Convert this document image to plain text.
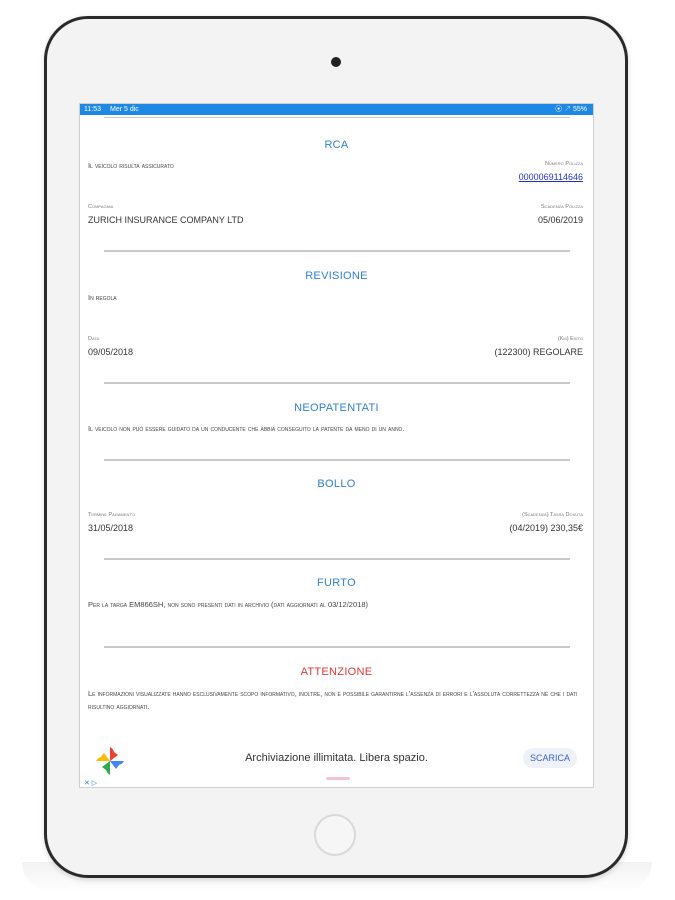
11:53 Mer 5 dic	⦿ ↗ 55%
RCA
Il veicolo risulta assicurato	Numero Polizza
0000069114646
Compagnia
ZURICH INSURANCE COMPANY LTD
Scadenza Polizza
05/06/2019
REVISIONE
In regola
Data
09/05/2018
(Km) Esito
(122300) REGOLARE
NEOPATENTATI
Il veicolo non può essere guidato da un conducente che abbia conseguito la patente da meno di un anno.
BOLLO
Termine Pagamento
31/05/2018
(Scadenza) Tassa Dovuta
(04/2019) 230,35€
FURTO
Per la targa EM866SH, non sono presenti dati in archivio (dati aggiornati al 03/12/2018)
ATTENZIONE
Le informazioni visualizzate hanno esclusivamente scopo informativo, inoltre, non è possibile garantirne l'assenza di errori e l'assoluta correttezza né che i dati risultino aggiornati.
Archiviazione illimitata. Libera spazio.	SCARICA
✕ ▷
